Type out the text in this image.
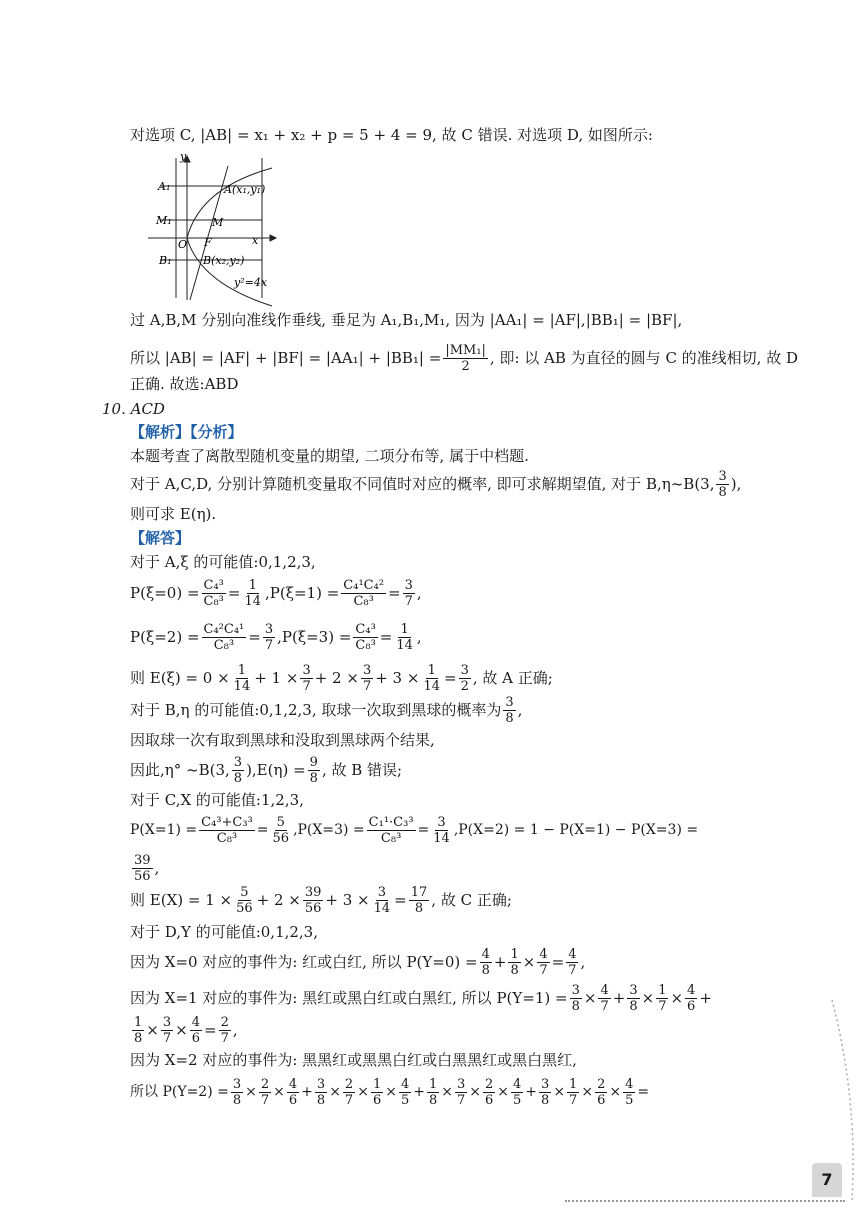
对选项 C, |AB| = x₁ + x₂ + p = 5 + 4 = 9, 故 C 错误. 对选项 D, 如图所示:
y
x
A₁	A(x₁,y₁)
M₁	M
O F
B₁	B(x₂,y₂)
y²=4x
过 A,B,M 分别向准线作垂线, 垂足为 A₁,B₁,M₁, 因为 |AA₁| = |AF|,|BB₁| = |BF|,
所以 $|AB| = |AF| + |BF| = |AA_1| + |BB_1| = \frac{\text{|MM₁|}}{2}$ , 即: 以 AB 为直径的圆与 C 的准线相切, 故 D
正确. 故选:ABD
10. ACD
【解析】【分析】
本题考查了离散型随机变量的期望, 二项分布等, 属于中档题.
对于 A,C,D, 分别计算随机变量取不同值时对应的概率, 即可求解期望值, 对于 B,η~B(3, $\frac{3}{8}$ ),
则可求 E(η).
【解答】
对于 A,ξ 的可能值:0,1,2,3,
$P(\xi=0) = \frac{\text{C₄³}}{\text{C₈³}} = \frac{1}{14} ,P(\xi=1) = \frac{\text{C₄¹C₄²}}{\text{C₈³}} = \frac{3}{7}$ ,
$P(\xi=2) = \frac{\text{C₄²C₄¹}}{\text{C₈³}} = \frac{3}{7} ,P(\xi=3) = \frac{\text{C₄³}}{\text{C₈³}} = \frac{1}{14}$ ,
则 $E(\xi) = 0 \times \frac{1}{14} + 1 \times \frac{3}{7} + 2 \times \frac{3}{7} + 3 \times \frac{1}{14} = \frac{3}{2}$ , 故 A 正确;
对于 B,η 的可能值:0,1,2,3, 取球一次取到黑球的概率为 $\frac{3}{8}$ ,
因取球一次有取到黑球和没取到黑球两个结果,
因此,η° ~B(3, $\frac{3}{8} ),E(\eta) = \frac{9}{8}$ , 故 B 错误;
对于 C,X 的可能值:1,2,3,
$P(X=1) = \frac{\text{C₄³+C₃³}}{\text{C₈³}} = \frac{5}{56} ,P(X=3) = \frac{\text{C₁¹·C₃³}}{\text{C₈³}} = \frac{3}{14} ,P(X=2) = 1 - P(X=1) - P(X=3)$ =
$\frac{39}{56}$ ,
则 $E(X) = 1 \times \frac{5}{56} + 2 \times \frac{39}{56} + 3 \times \frac{3}{14} = \frac{17}{8}$ , 故 C 正确;
对于 D,Y 的可能值:0,1,2,3,
因为 X=0 对应的事件为: 红或白红, 所以 $P(Y=0) = \frac{4}{8} + \frac{1}{8} \times \frac{4}{7} = \frac{4}{7}$ ,
因为 X=1 对应的事件为: 黑红或黑白红或白黑红, 所以 $P(Y=1) = \frac{3}{8} \times \frac{4}{7} + \frac{3}{8} \times \frac{1}{7} \times \frac{4}{6}$ +
$\frac{1}{8} \times \frac{3}{7} \times \frac{4}{6} = \frac{2}{7}$ ,
因为 X=2 对应的事件为: 黑黑红或黑黑白红或白黑黑红或黑白黑红,
所以 $P(Y=2) = \frac{3}{8} \times \frac{2}{7} \times \frac{4}{6} + \frac{3}{8} \times \frac{2}{7} \times \frac{1}{6} \times \frac{4}{5} + \frac{1}{8} \times \frac{3}{7} \times \frac{2}{6} \times \frac{4}{5} + \frac{3}{8} \times \frac{1}{7} \times \frac{2}{6} \times \frac{4}{5}$ =
7
